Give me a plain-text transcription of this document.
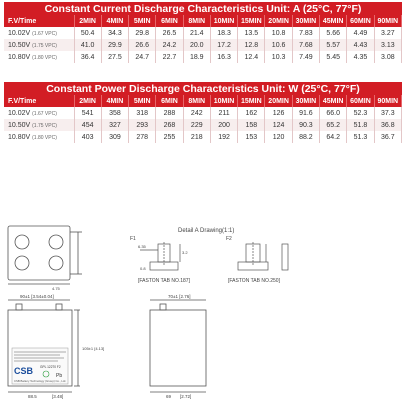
Constant Current Discharge Characteristics Unit: A (25°C, 77°F)
F.V/Time	2MIN	4MIN	5MIN	6MIN	8MIN	10MIN	15MIN	20MIN	30MIN	45MIN	60MIN	90MIN
10.02V (1.67 VPC)	50.4	34.3	29.8	26.5	21.4	18.3	13.5	10.8	7.83	5.66	4.49	3.27
10.50V (1.75 VPC)	41.0	29.9	26.6	24.2	20.0	17.2	12.8	10.6	7.68	5.57	4.43	3.13
10.80V (1.80 VPC)	36.4	27.5	24.7	22.7	18.9	16.3	12.4	10.3	7.49	5.45	4.35	3.08
Constant Power Discharge Characteristics Unit: W (25°C, 77°F)
F.V/Time	2MIN	4MIN	5MIN	6MIN	8MIN	10MIN	15MIN	20MIN	30MIN	45MIN	60MIN	90MIN
10.02V (1.67 VPC)	541	358	318	288	242	211	162	126	91.6	66.0	52.3	37.3
10.50V (1.75 VPC)	454	327	293	268	229	200	158	124	90.3	65.2	51.8	36.8
10.80V (1.80 VPC)	403	309	278	255	218	192	153	120	88.2	64.2	51.3	36.7
4.75
Detail A Drawing(1:1)
F1	F2
6.35
3.2
0.8
[FASTON TAB NO.187]	[FASTON TAB NO.250]
90±1 [3.54±0.04]
105±1 [4.13]
88.5	[3.48]
CSB GPL 12270 F2
Pb
CSB Battery Technology (Group) Co., Ltd.
70±1 [2.76]
69 [2.72]
